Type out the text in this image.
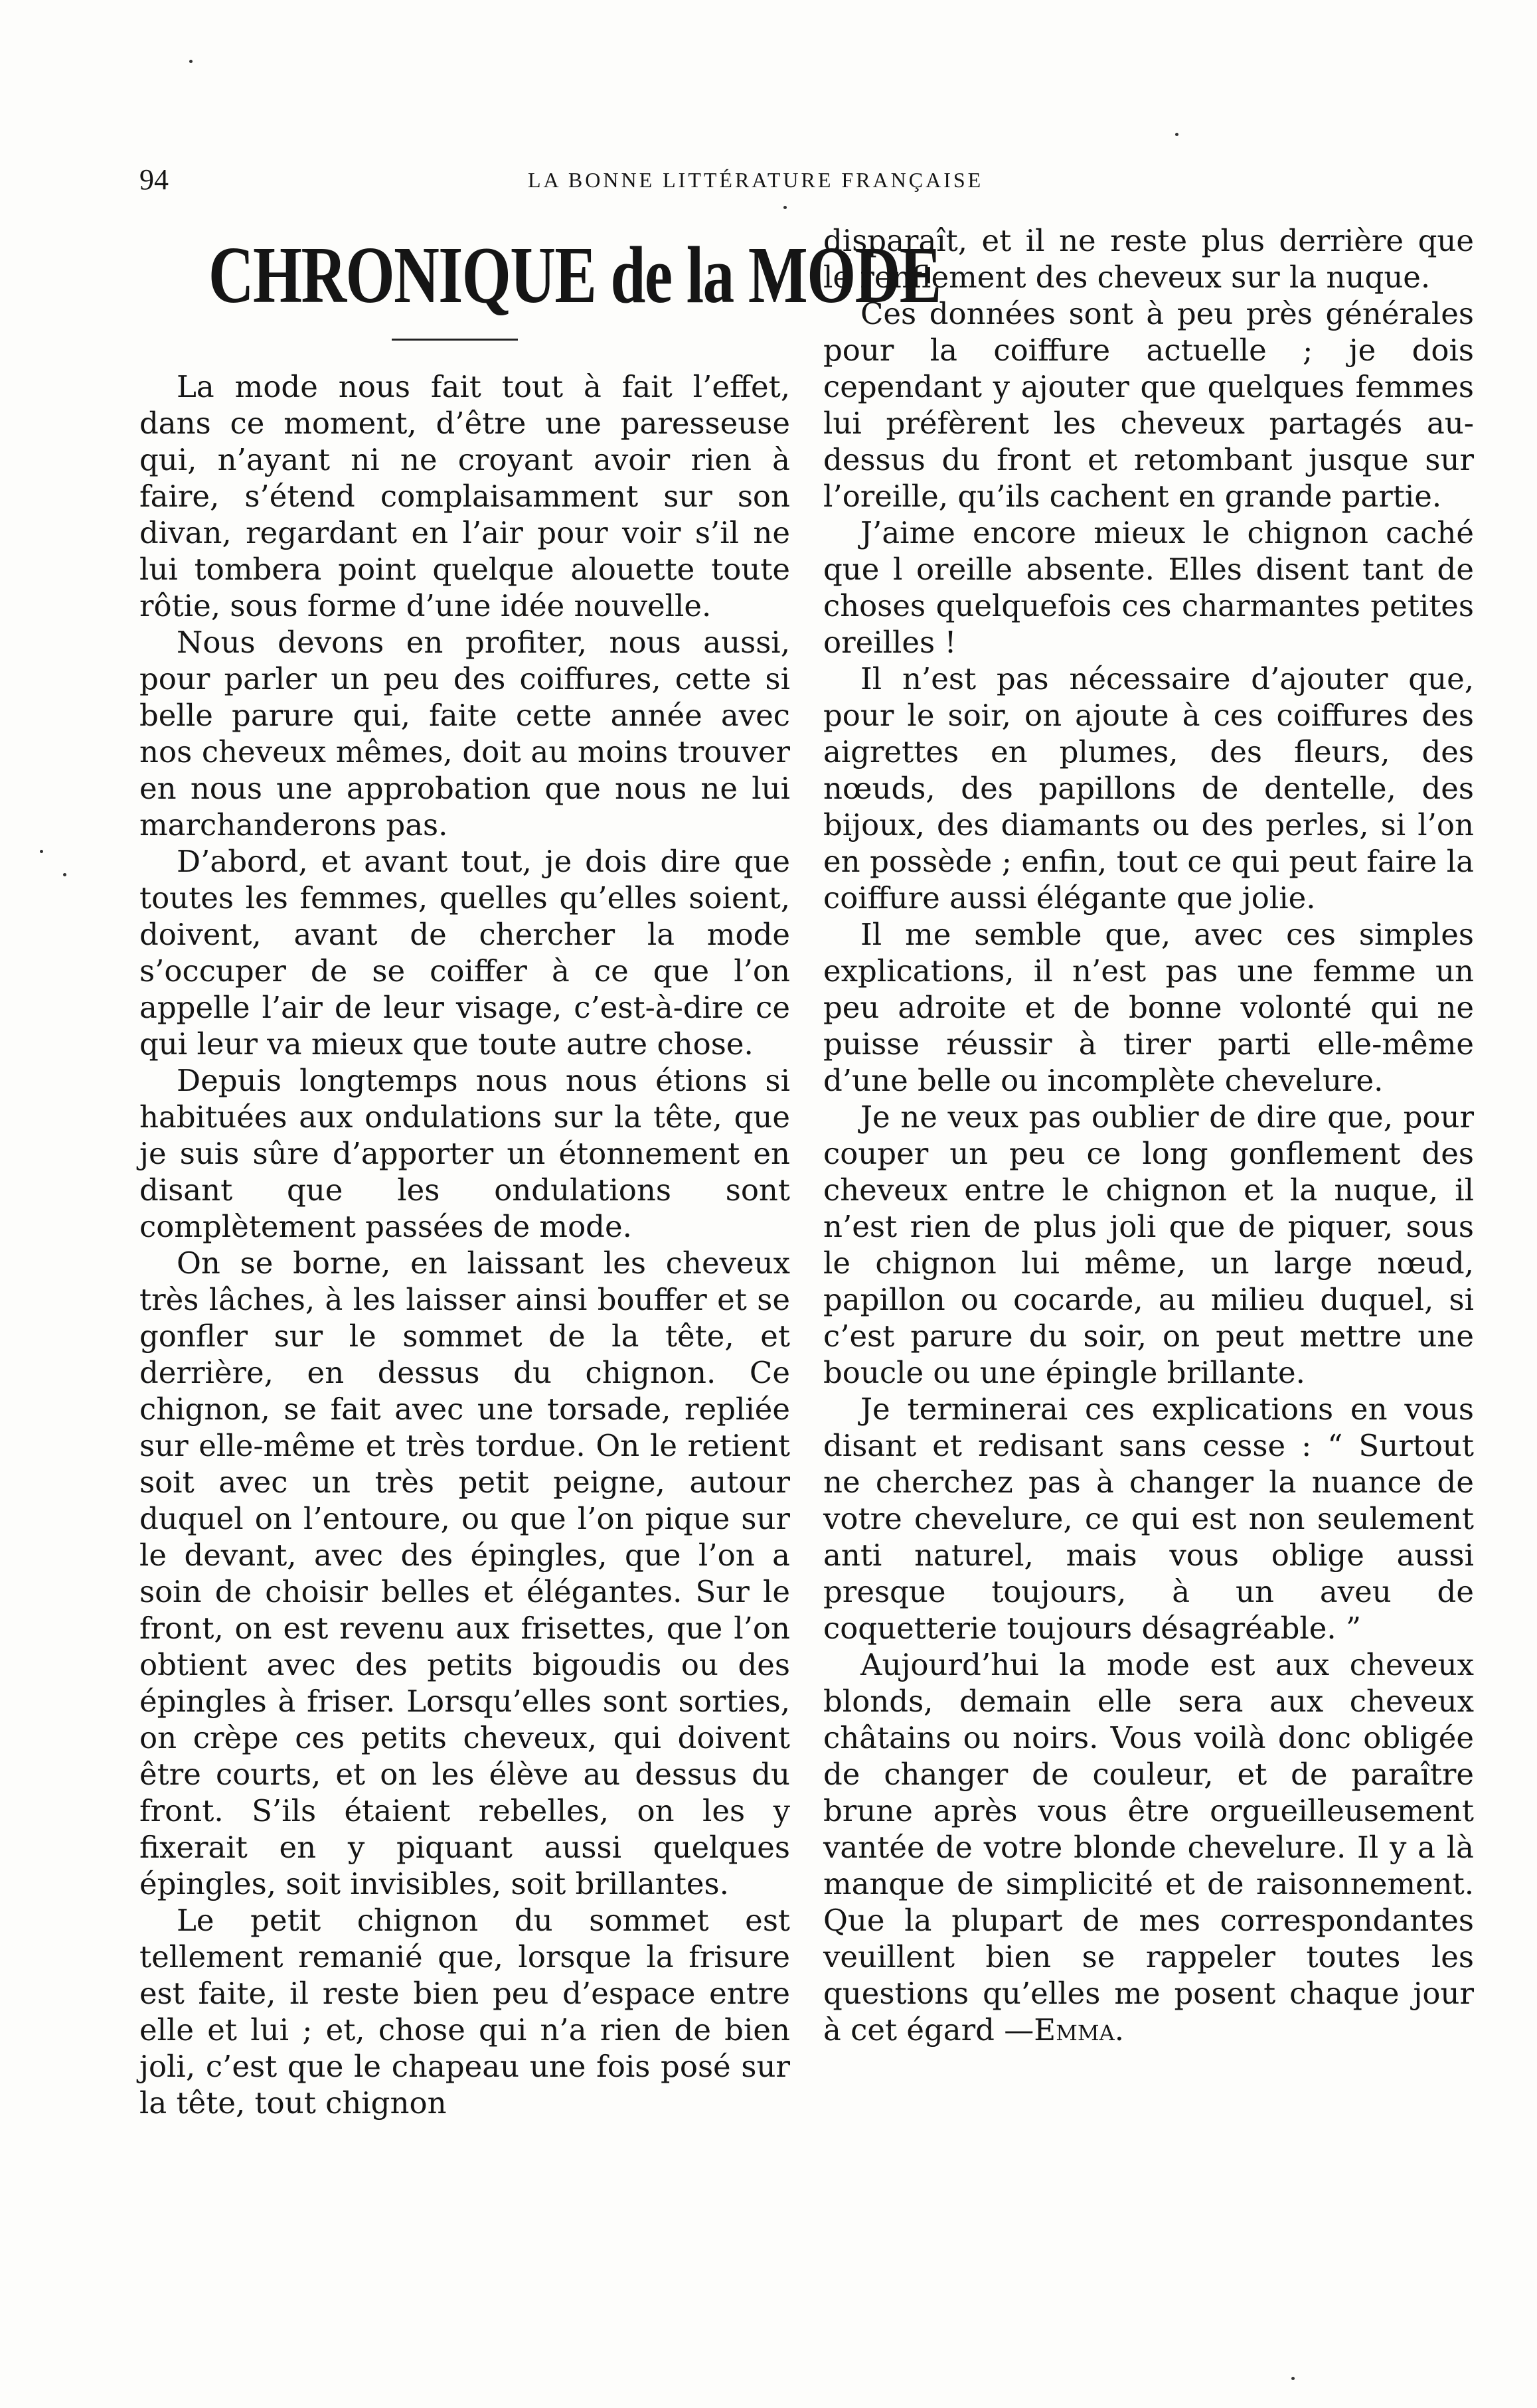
94	LA BONNE LITTÉRATURE FRANÇAISE
CHRONIQUE de la MODE

La mode nous fait tout à fait l’effet, dans ce moment, d’être une paresseuse qui, n’ayant ni ne croyant avoir rien à faire, s’étend complaisamment sur son divan, regardant en l’air pour voir s’il ne lui tombera point quelque alouette toute rôtie, sous forme d’une idée nouvelle.

Nous devons en profiter, nous aussi, pour parler un peu des coiffures, cette si belle parure qui, faite cette année avec nos cheveux mêmes, doit au moins trouver en nous une approbation que nous ne lui marchanderons pas.

D’abord, et avant tout, je dois dire que toutes les femmes, quelles qu’elles soient, doivent, avant de chercher la mode s’occuper de se coiffer à ce que l’on appelle l’air de leur visage, c’est-à-dire ce qui leur va mieux que toute autre chose.

Depuis longtemps nous nous étions si habituées aux ondulations sur la tête, que je suis sûre d’apporter un étonnement en disant que les ondulations sont complètement passées de mode.

On se borne, en laissant les cheveux très lâches, à les laisser ainsi bouffer et se gonfler sur le sommet de la tête, et derrière, en dessus du chignon. Ce chignon, se fait avec une torsade, repliée sur elle-même et très tordue. On le retient soit avec un très petit peigne, autour duquel on l’entoure, ou que l’on pique sur le devant, avec des épingles, que l’on a soin de choisir belles et élégantes. Sur le front, on est revenu aux frisettes, que l’on obtient avec des petits bigoudis ou des épingles à friser. Lorsqu’elles sont sorties, on crèpe ces petits cheveux, qui doivent être courts, et on les élève au dessus du front. S’ils étaient rebelles, on les y fixerait en y piquant aussi quelques épingles, soit invisibles, soit brillantes.

Le petit chignon du sommet est tellement remanié que, lorsque la frisure est faite, il reste bien peu d’espace entre elle et lui ; et, chose qui n’a rien de bien joli, c’est que le chapeau une fois posé sur la tête, tout chignon

disparaît, et il ne reste plus derrière que le renflement des cheveux sur la nuque.

Ces données sont à peu près générales pour la coiffure actuelle ; je dois cependant y ajouter que quelques femmes lui préfèrent les cheveux partagés au-dessus du front et retombant jusque sur l’oreille, qu’ils cachent en grande partie.

J’aime encore mieux le chignon caché que l oreille absente. Elles disent tant de choses quelquefois ces charmantes petites oreilles !

Il n’est pas nécessaire d’ajouter que, pour le soir, on ajoute à ces coiffures des aigrettes en plumes, des fleurs, des nœuds, des papillons de dentelle, des bijoux, des diamants ou des perles, si l’on en possède ; enfin, tout ce qui peut faire la coiffure aussi élégante que jolie.

Il me semble que, avec ces simples explications, il n’est pas une femme un peu adroite et de bonne volonté qui ne puisse réussir à tirer parti elle-même d’une belle ou incomplète chevelure.

Je ne veux pas oublier de dire que, pour couper un peu ce long gonflement des cheveux entre le chignon et la nuque, il n’est rien de plus joli que de piquer, sous le chignon lui même, un large nœud, papillon ou cocarde, au milieu duquel, si c’est parure du soir, on peut mettre une boucle ou une épingle brillante.

Je terminerai ces explications en vous disant et redisant sans cesse : “ Surtout ne cherchez pas à changer la nuance de votre chevelure, ce qui est non seulement anti naturel, mais vous oblige aussi presque toujours, à un aveu de coquetterie toujours désagréable. ”

Aujourd’hui la mode est aux cheveux blonds, demain elle sera aux cheveux châtains ou noirs. Vous voilà donc obligée de changer de couleur, et de paraître brune après vous être orgueilleusement vantée de votre blonde chevelure. Il y a là manque de simplicité et de raisonnement. Que la plupart de mes correspondantes veuillent bien se rappeler toutes les questions qu’elles me posent chaque jour à cet égard —Emma.
